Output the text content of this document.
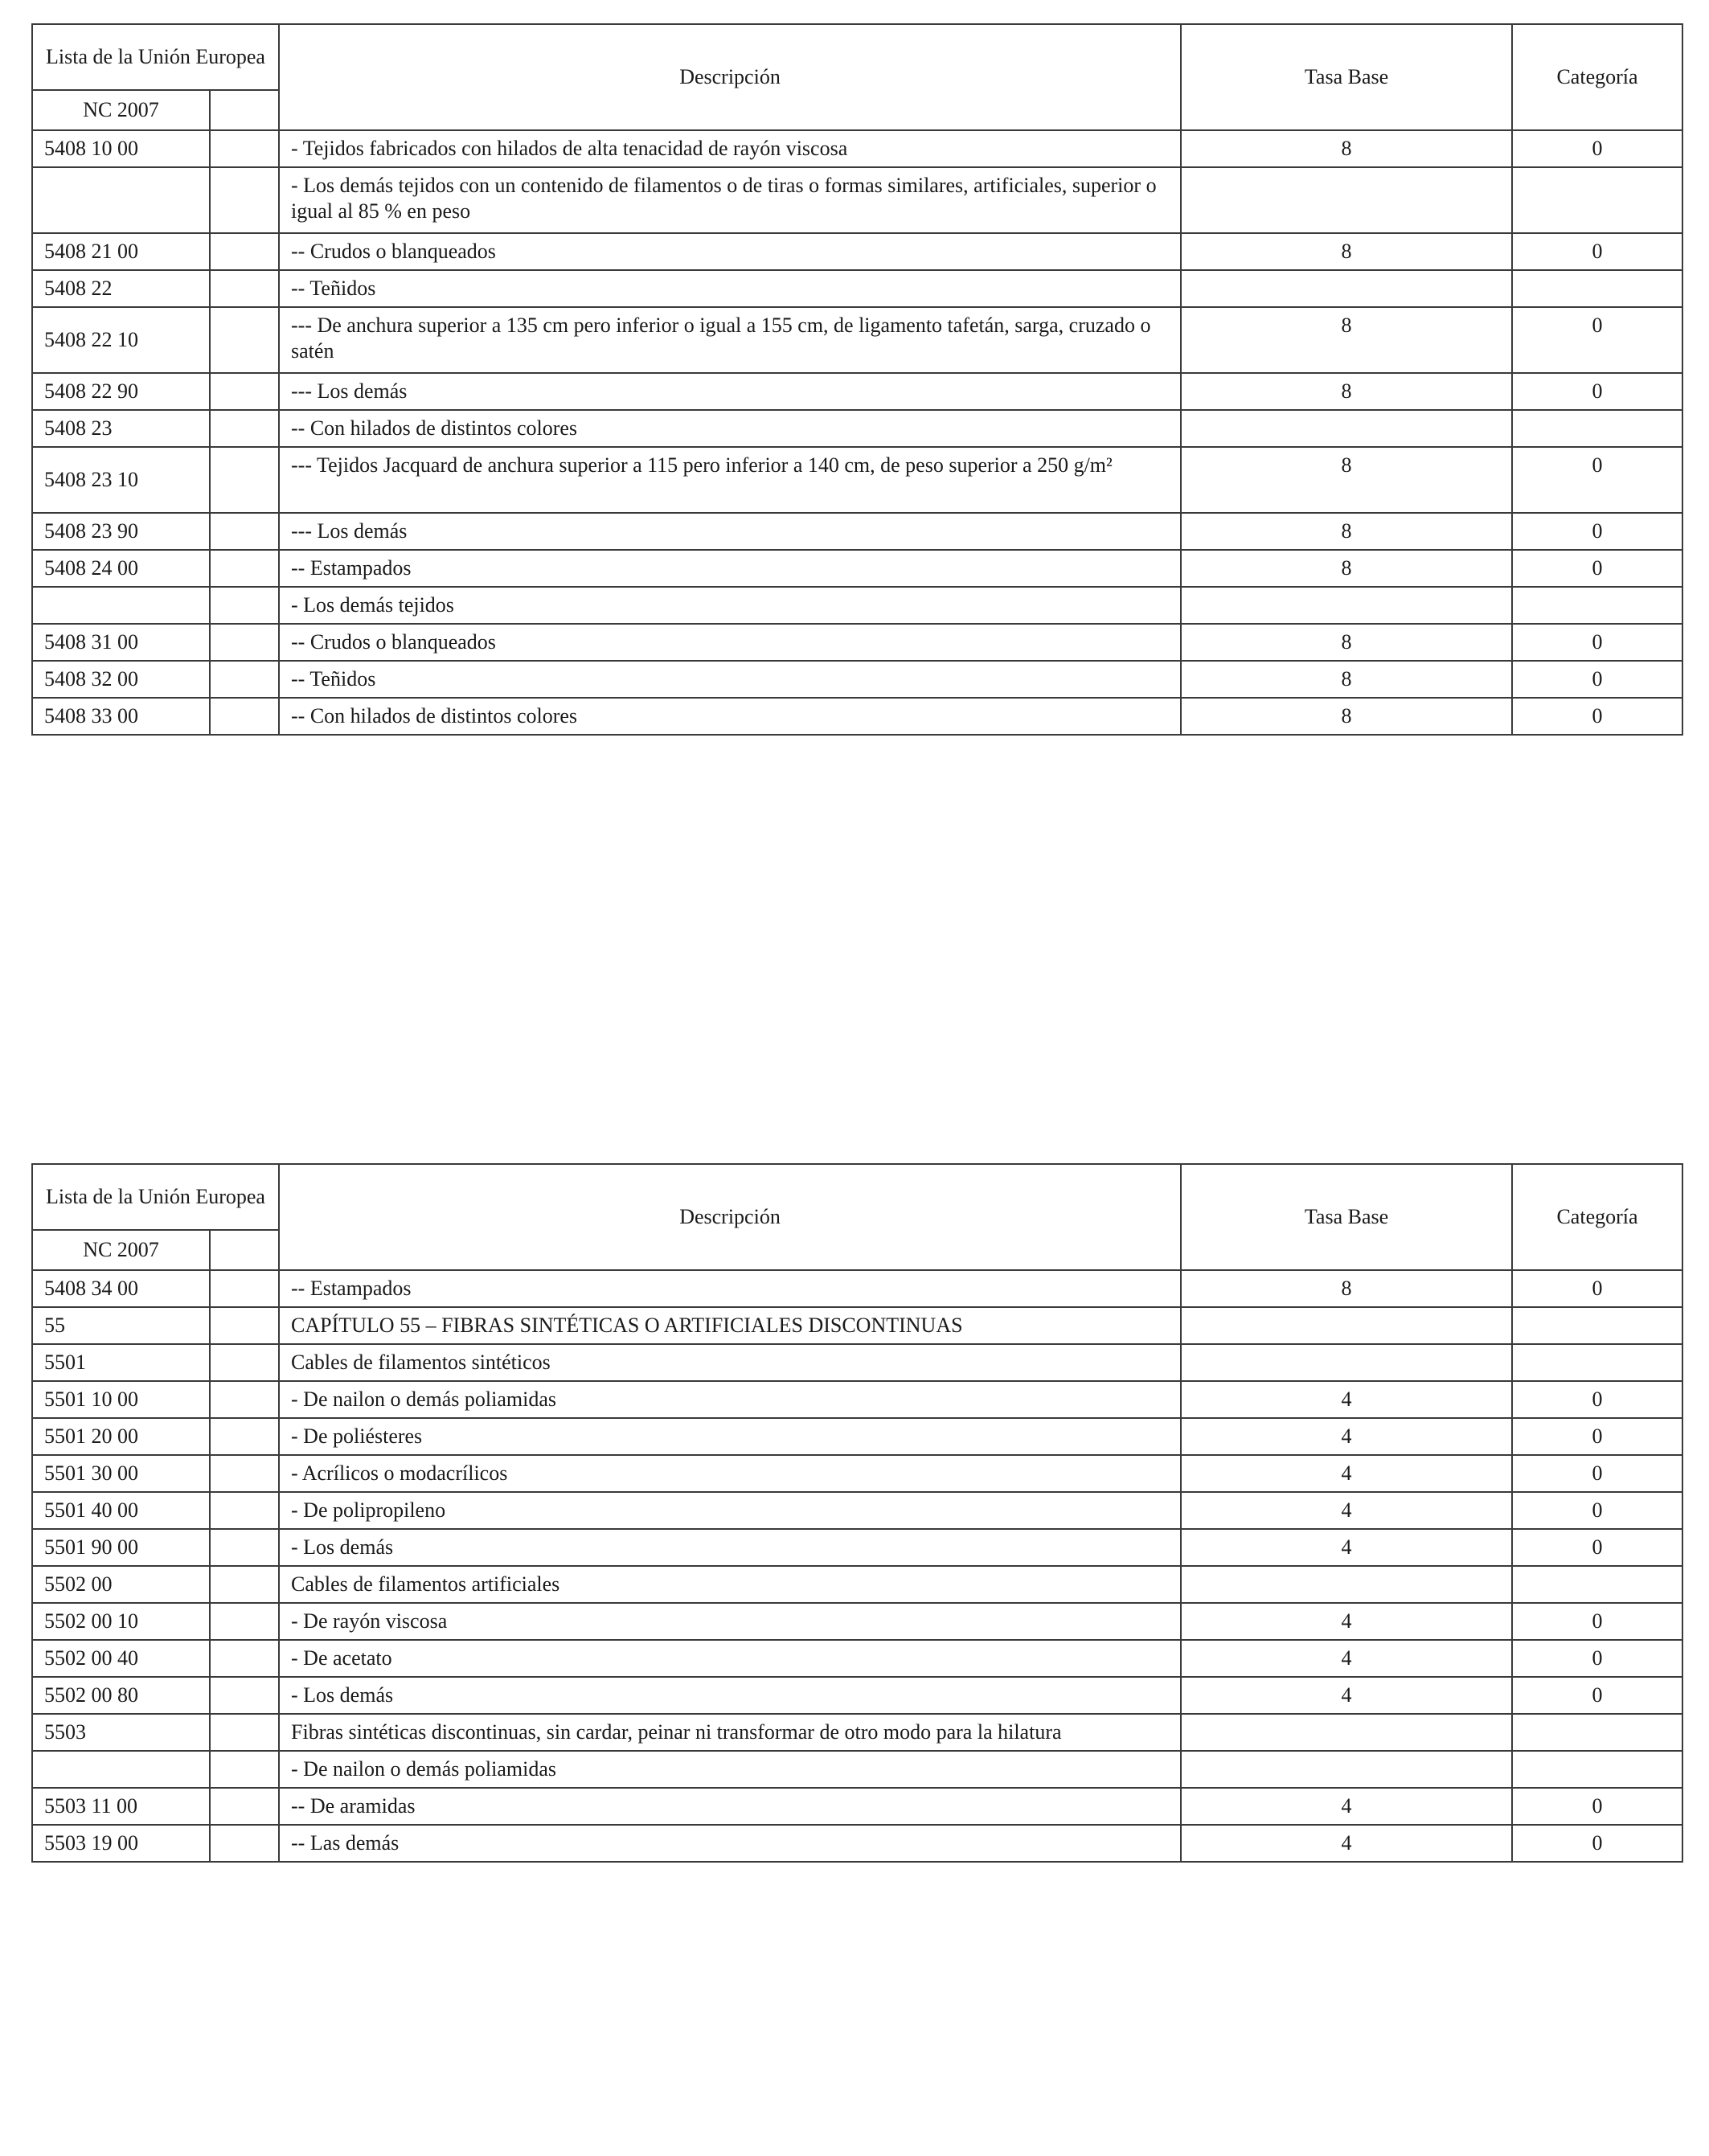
Lista de la Unión Europea		Descripción	Tasa Base	Categoría
NC 2007				
5408 10 00		- Tejidos fabricados con hilados de alta tenacidad de rayón viscosa	8	0
		- Los demás tejidos con un contenido de filamentos o de tiras o formas similares, artificiales, superior o igual al 85 % en peso		
5408 21 00		-- Crudos o blanqueados	8	0
5408 22		-- Teñidos		
5408 22 10		--- De anchura superior a 135 cm pero inferior o igual a 155 cm, de ligamento tafetán, sarga, cruzado o satén	8	0
5408 22 90		--- Los demás	8	0
5408 23		-- Con hilados de distintos colores		
5408 23 10		--- Tejidos Jacquard de anchura superior a 115 pero inferior a 140 cm, de peso superior a 250 g/m²	8	0
5408 23 90		--- Los demás	8	0
5408 24 00		-- Estampados	8	0
		- Los demás tejidos		
5408 31 00		-- Crudos o blanqueados	8	0
5408 32 00		-- Teñidos	8	0
5408 33 00		-- Con hilados de distintos colores	8	0
Lista de la Unión Europea		Descripción	Tasa Base	Categoría
NC 2007				
5408 34 00		-- Estampados	8	0
55		CAPÍTULO 55 – FIBRAS SINTÉTICAS O ARTIFICIALES DISCONTINUAS		
5501		Cables de filamentos sintéticos		
5501 10 00		- De nailon o demás poliamidas	4	0
5501 20 00		- De poliésteres	4	0
5501 30 00		- Acrílicos o modacrílicos	4	0
5501 40 00		- De polipropileno	4	0
5501 90 00		- Los demás	4	0
5502 00		Cables de filamentos artificiales		
5502 00 10		- De rayón viscosa	4	0
5502 00 40		- De acetato	4	0
5502 00 80		- Los demás	4	0
5503		Fibras sintéticas discontinuas, sin cardar, peinar ni transformar de otro modo para la hilatura		
		- De nailon o demás poliamidas		
5503 11 00		-- De aramidas	4	0
5503 19 00		-- Las demás	4	0
